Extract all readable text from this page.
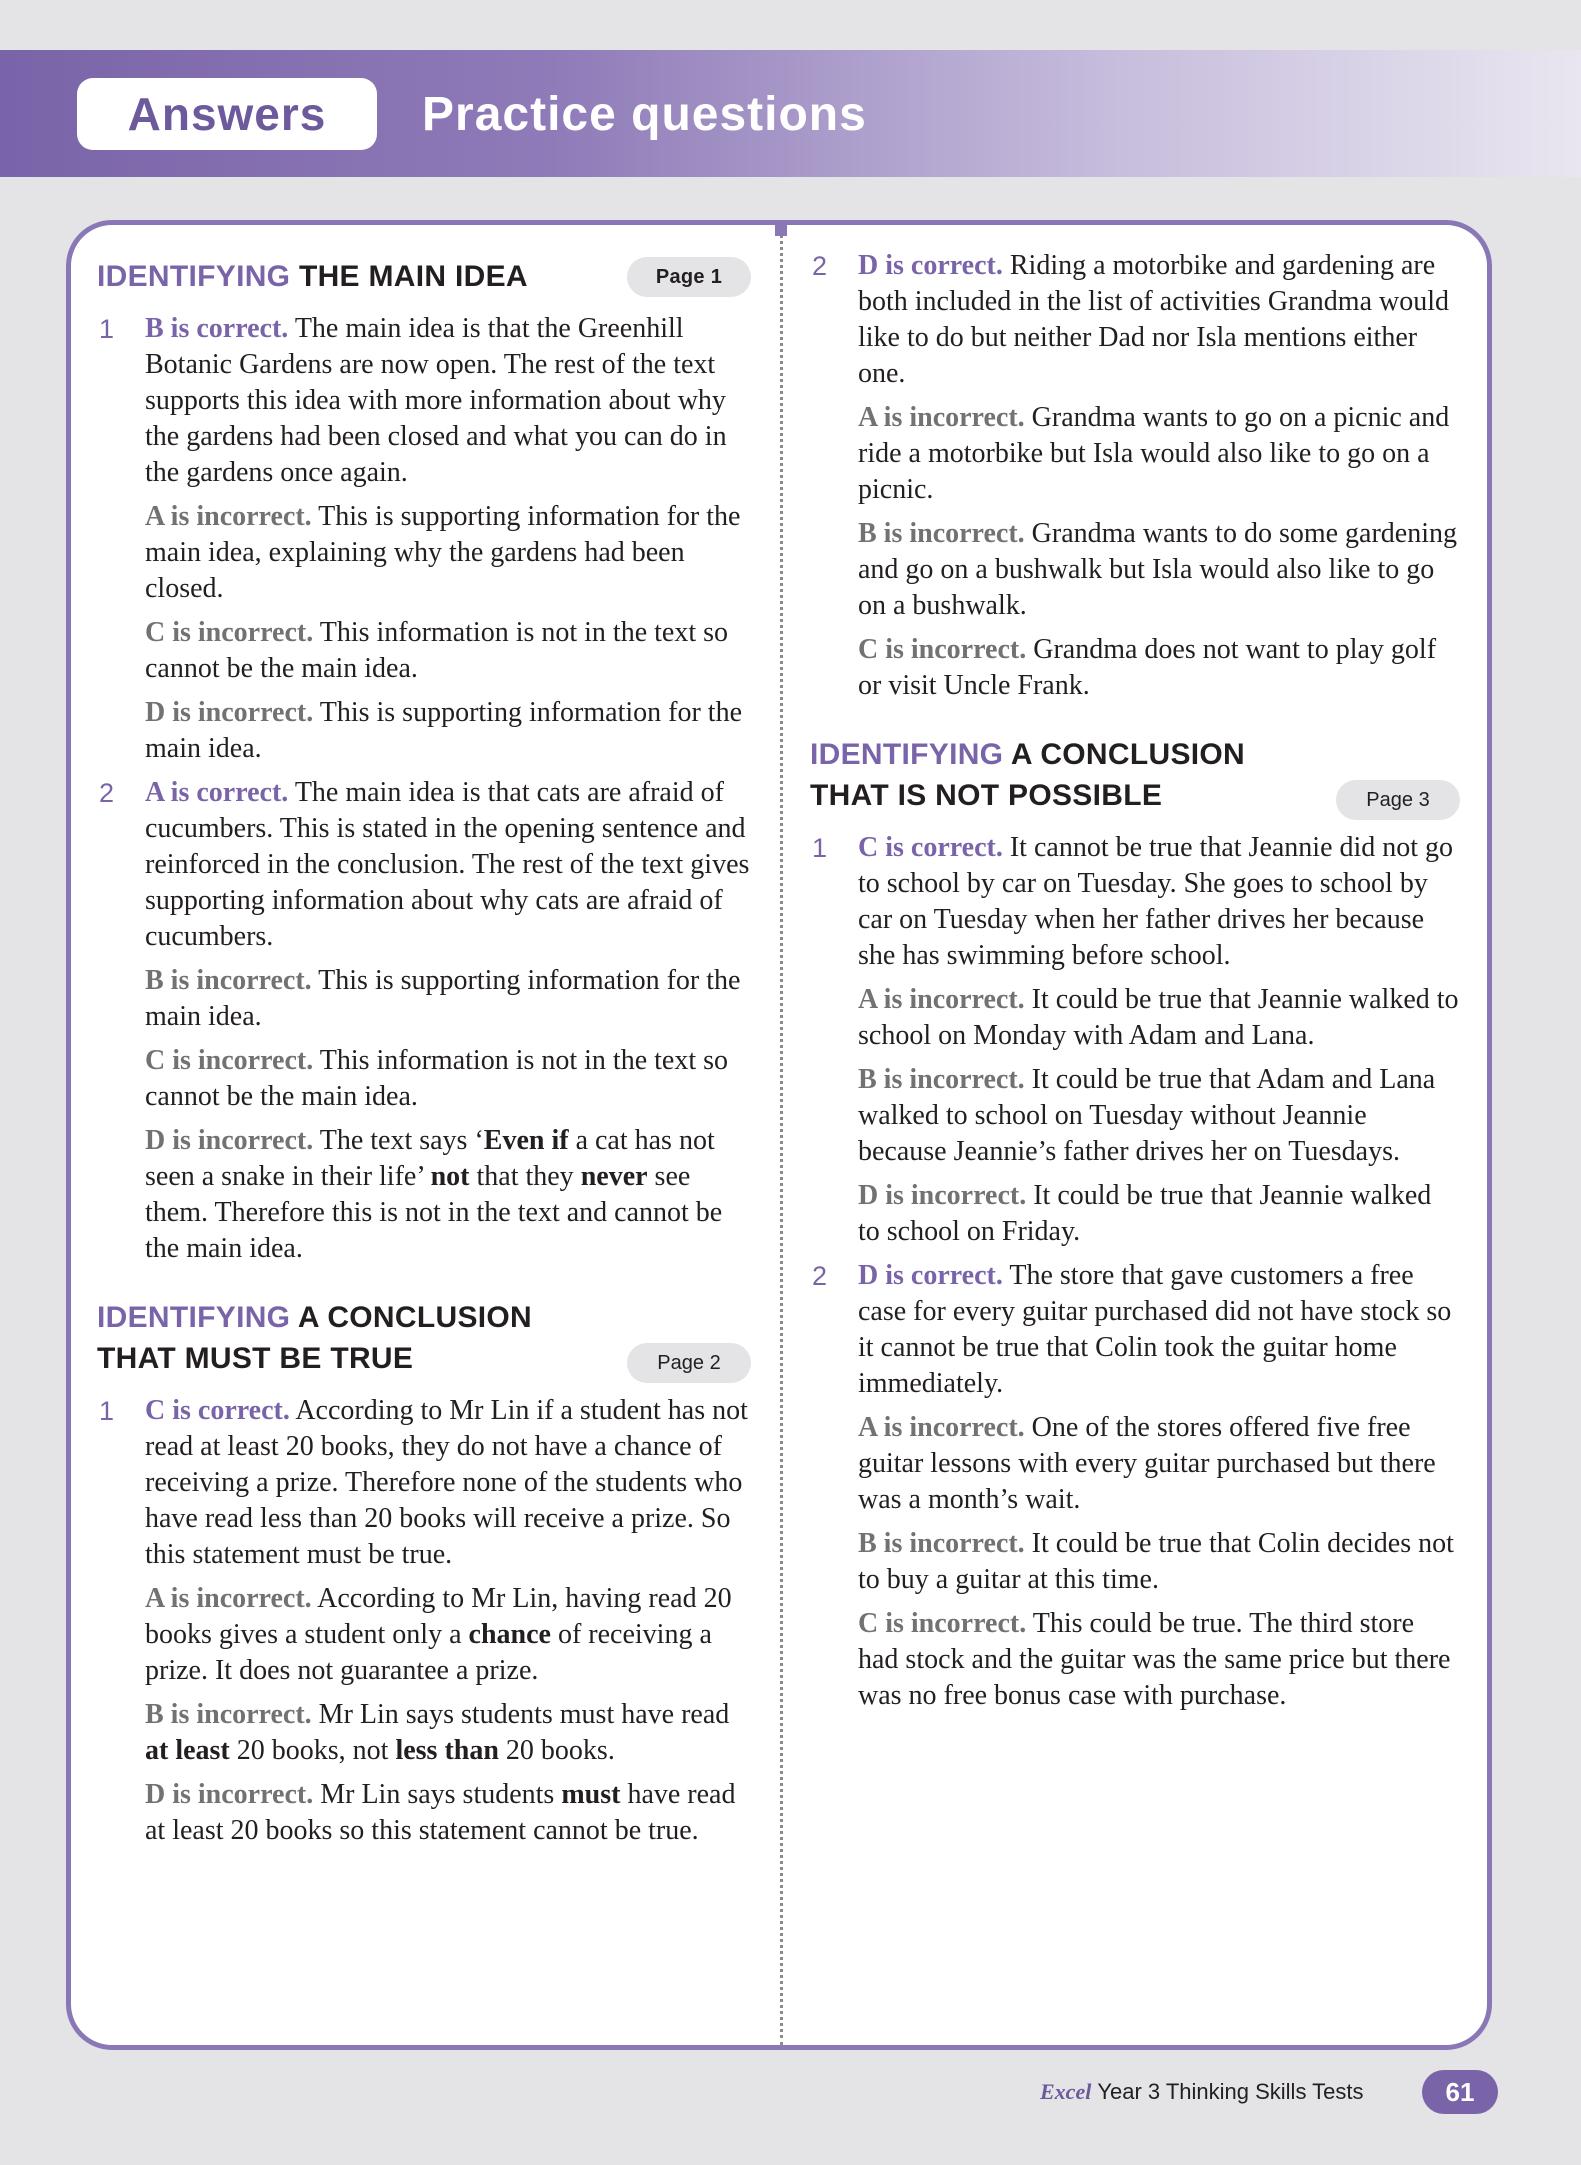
Answers	Practice questions
IDENTIFYING THE MAIN IDEA	Page 1
1	B is correct. The main idea is that the Greenhill Botanic Gardens are now open. The rest of the text supports this idea with more information about why the gardens had been closed and what you can do in the gardens once again.

A is incorrect. This is supporting information for the main idea, explaining why the gardens had been closed.

C is incorrect. This information is not in the text so cannot be the main idea.

D is incorrect. This is supporting information for the main idea.

2	A is correct. The main idea is that cats are afraid of cucumbers. This is stated in the opening sentence and reinforced in the conclusion. The rest of the text gives supporting information about why cats are afraid of cucumbers.

B is incorrect. This is supporting information for the main idea.

C is incorrect. This information is not in the text so cannot be the main idea.

D is incorrect. The text says ‘Even if a cat has not seen a snake in their life’ not that they never see them. Therefore this is not in the text and cannot be the main idea.

IDENTIFYING A CONCLUSION THAT MUST BE TRUE	Page 2
1	C is correct. According to Mr Lin if a student has not read at least 20 books, they do not have a chance of receiving a prize. Therefore none of the students who have read less than 20 books will receive a prize. So this statement must be true.

A is incorrect. According to Mr Lin, having read 20 books gives a student only a chance of receiving a prize. It does not guarantee a prize.

B is incorrect. Mr Lin says students must have read at least 20 books, not less than 20 books.

D is incorrect. Mr Lin says students must have read at least 20 books so this statement cannot be true.

2	D is correct. Riding a motorbike and gardening are both included in the list of activities Grandma would like to do but neither Dad nor Isla mentions either one.

A is incorrect. Grandma wants to go on a picnic and ride a motorbike but Isla would also like to go on a picnic.

B is incorrect. Grandma wants to do some gardening and go on a bushwalk but Isla would also like to go on a bushwalk.

C is incorrect. Grandma does not want to play golf or visit Uncle Frank.

IDENTIFYING A CONCLUSION THAT IS NOT POSSIBLE	Page 3
1	C is correct. It cannot be true that Jeannie did not go to school by car on Tuesday. She goes to school by car on Tuesday when her father drives her because she has swimming before school.

A is incorrect. It could be true that Jeannie walked to school on Monday with Adam and Lana.

B is incorrect. It could be true that Adam and Lana walked to school on Tuesday without Jeannie because Jeannie’s father drives her on Tuesdays.

D is incorrect. It could be true that Jeannie walked to school on Friday.

2	D is correct. The store that gave customers a free case for every guitar purchased did not have stock so it cannot be true that Colin took the guitar home immediately.

A is incorrect. One of the stores offered five free guitar lessons with every guitar purchased but there was a month’s wait.

B is incorrect. It could be true that Colin decides not to buy a guitar at this time.

C is incorrect. This could be true. The third store had stock and the guitar was the same price but there was no free bonus case with purchase.

Excel Year 3 Thinking Skills Tests	61
